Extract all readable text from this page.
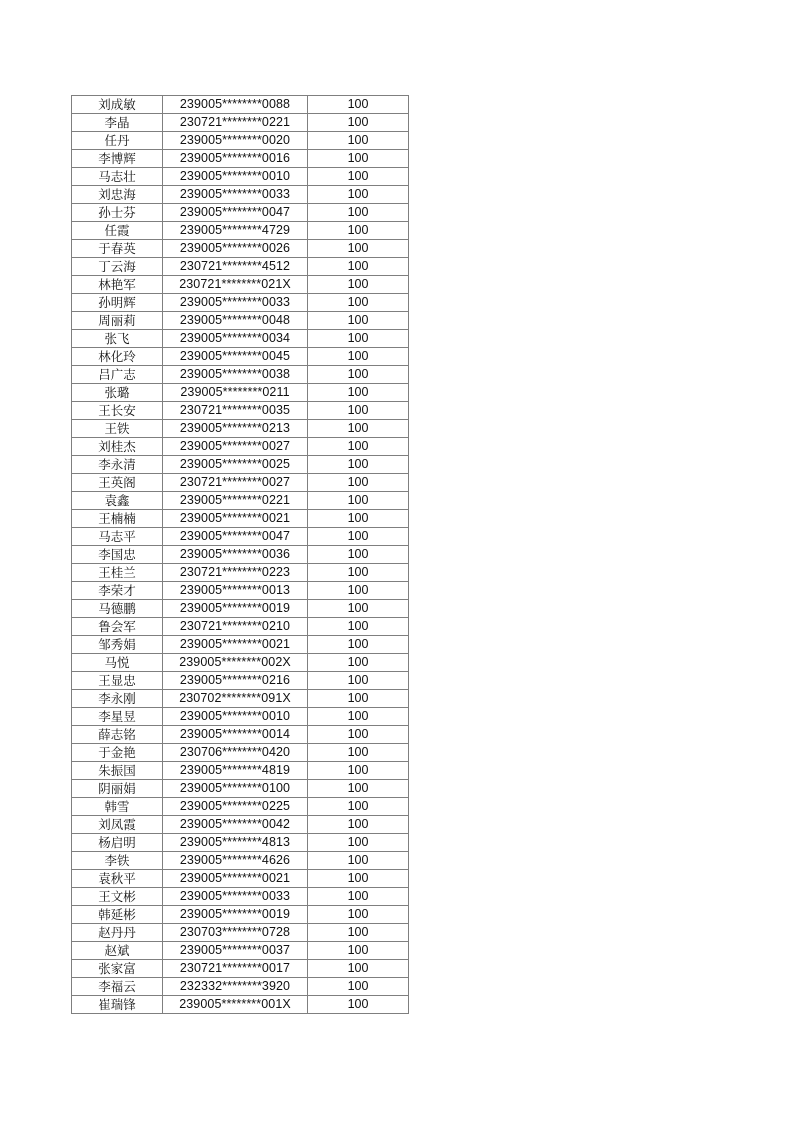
刘成敏	239005********0088	100
李晶	230721********0221	100
任丹	239005********0020	100
李博辉	239005********0016	100
马志壮	239005********0010	100
刘忠海	239005********0033	100
孙士芬	239005********0047	100
任霞	239005********4729	100
于春英	239005********0026	100
丁云海	230721********4512	100
林艳军	230721********021X	100
孙明辉	239005********0033	100
周丽莉	239005********0048	100
张飞	239005********0034	100
林化玲	239005********0045	100
吕广志	239005********0038	100
张璐	239005********0211	100
王长安	230721********0035	100
王铁	239005********0213	100
刘桂杰	239005********0027	100
李永清	239005********0025	100
王英阁	230721********0027	100
袁鑫	239005********0221	100
王楠楠	239005********0021	100
马志平	239005********0047	100
李国忠	239005********0036	100
王桂兰	230721********0223	100
李荣才	239005********0013	100
马德鹏	239005********0019	100
鲁会军	230721********0210	100
邹秀娟	239005********0021	100
马悦	239005********002X	100
王显忠	239005********0216	100
李永刚	230702********091X	100
李星昱	239005********0010	100
薛志铭	239005********0014	100
于金艳	230706********0420	100
朱振国	239005********4819	100
阴丽娟	239005********0100	100
韩雪	239005********0225	100
刘凤霞	239005********0042	100
杨启明	239005********4813	100
李铁	239005********4626	100
袁秋平	239005********0021	100
王文彬	239005********0033	100
韩延彬	239005********0019	100
赵丹丹	230703********0728	100
赵斌	239005********0037	100
张家富	230721********0017	100
李福云	232332********3920	100
崔瑞锋	239005********001X	100
